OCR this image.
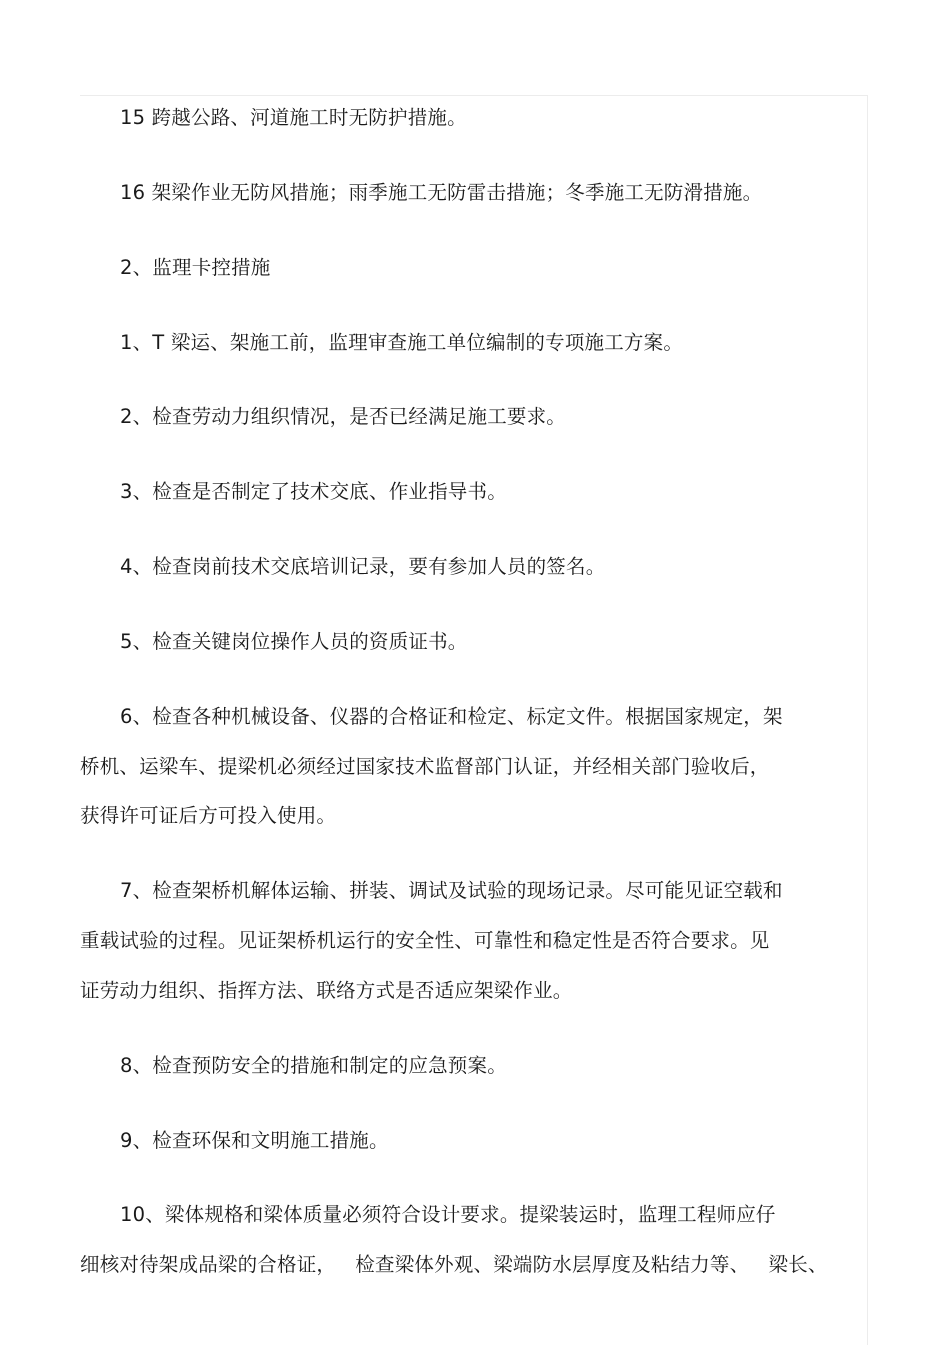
15 跨越公路、河道施工时无防护措施。
16 架梁作业无防风措施；雨季施工无防雷击措施；冬季施工无防滑措施。
2、监理卡控措施
1、T 梁运、架施工前，监理审查施工单位编制的专项施工方案。
2、检查劳动力组织情况，是否已经满足施工要求。
3、检查是否制定了技术交底、作业指导书。
4、检查岗前技术交底培训记录，要有参加人员的签名。
5、检查关键岗位操作人员的资质证书。
6、检查各种机械设备、仪器的合格证和检定、标定文件。根据国家规定，架
桥机、运梁车、提梁机必须经过国家技术监督部门认证，并经相关部门验收后，
获得许可证后方可投入使用。
7、检查架桥机解体运输、拼装、调试及试验的现场记录。尽可能见证空载和
重载试验的过程。见证架桥机运行的安全性、可靠性和稳定性是否符合要求。见
证劳动力组织、指挥方法、联络方式是否适应架梁作业。
8、检查预防安全的措施和制定的应急预案。
9、检查环保和文明施工措施。
10、梁体规格和梁体质量必须符合设计要求。提梁装运时，监理工程师应仔
细核对待架成品梁的合格证，   检查梁体外观、梁端防水层厚度及粘结力等、   梁长、
